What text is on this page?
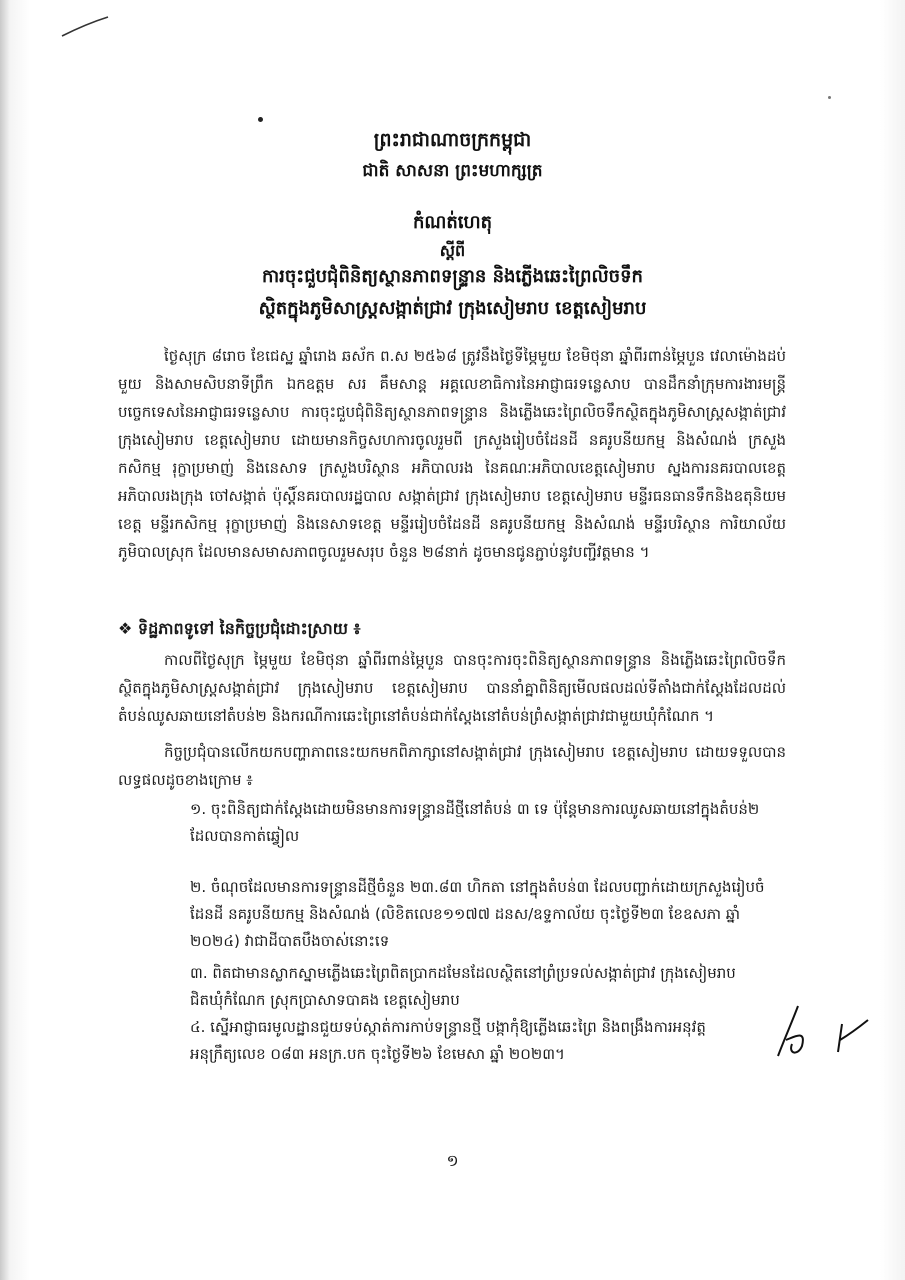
ព្រះរាជាណាចក្រកម្ពុជា
ជាតិ សាសនា ព្រះមហាក្សត្រ
កំណត់ហេតុ
ស្ដីពី
ការចុះជួបជុំពិនិត្យស្ថានភាពទន្ទ្រាន និងភ្លើងឆេះព្រៃលិចទឹក
ស្ថិតក្នុងភូមិសាស្ត្រសង្កាត់ជ្រាវ ក្រុងសៀមរាប ខេត្តសៀមរាប
ថ្ងៃសុក្រ ៨រោច ខែជេស្ឋ ឆ្នាំរោង ឆស័ក ព.ស ២៥៦៨ ត្រូវនឹងថ្ងៃទីម្ភៃមួយ ខែមិថុនា ឆ្នាំពីរពាន់ម្ភៃបួន វេលាម៉ោងដប់មួយ និងសាមសិបនាទីព្រឹក ឯកឧត្តម សរ គឹមសាន្ត អគ្គលេខាធិការនៃអាជ្ញាធរទន្លេសាប បានដឹកនាំក្រុមការងារមន្ត្រីបច្ចេកទេសនៃអាជ្ញាធរទន្លេសាប ការចុះជួបជុំពិនិត្យស្ថានភាពទន្ទ្រាន និងភ្លើងឆេះព្រៃលិចទឹកស្ថិតក្នុងភូមិសាស្ត្រសង្កាត់ជ្រាវ ក្រុងសៀមរាប ខេត្តសៀមរាប ដោយមានកិច្ចសហការចូលរួមពី ក្រសួងរៀបចំដែនដី នគរូបនីយកម្ម និងសំណង់ ក្រសួងកសិកម្ម រុក្ខាប្រមាញ់ និងនេសាទ ក្រសួងបរិស្ថាន អភិបាលរង នៃគណៈអភិបាលខេត្តសៀមរាប ស្នងការនគរបាលខេត្ត អភិបាលរងក្រុង ចៅសង្កាត់ ប៉ុស្តិ៍នគរបាលរដ្ឋបាល សង្កាត់ជ្រាវ ក្រុងសៀមរាប ខេត្តសៀមរាប មន្ទីរធនធានទឹកនិងឧតុនិយមខេត្ត មន្ទីរកសិកម្ម រុក្ខាប្រមាញ់ និងនេសាទខេត្ត មន្ទីររៀបចំដែនដី នគរូបនីយកម្ម និងសំណង់ មន្ទីរបរិស្ថាន ការិយាល័យភូមិបាលស្រុក ដែលមានសមាសភាពចូលរួមសរុប ចំនួន ២៨នាក់ ដូចមានជូនភ្ជាប់នូវបញ្ជីវត្តមាន ។
❖ ទិដ្ឋភាពទូទៅ នៃកិច្ចប្រជុំដោះស្រាយ ៖
កាលពីថ្ងៃសុក្រ ម្ភៃមួយ ខែមិថុនា ឆ្នាំពីរពាន់ម្ភៃបួន បានចុះការចុះពិនិត្យស្ថានភាពទន្ទ្រាន និងភ្លើងឆេះព្រៃលិចទឹកស្ថិតក្នុងភូមិសាស្ត្រសង្កាត់ជ្រាវ ក្រុងសៀមរាប ខេត្តសៀមរាប បាននាំគ្នាពិនិត្យមើលផលដល់ទីតាំងជាក់ស្ដែងដែលដល់តំបន់ឈូសឆាយនៅតំបន់២ និងករណីការឆេះព្រៃនៅតំបន់ជាក់ស្ដែងនៅតំបន់ព្រំសង្កាត់ជ្រាវជាមួយឃុំកំណែក ។
កិច្ចប្រជុំបានលើកយកបញ្ហាភាពនេះយកមកពិភាក្សានៅសង្កាត់ជ្រាវ ក្រុងសៀមរាប ខេត្តសៀមរាប ដោយទទួលបានលទ្ធផលដូចខាងក្រោម ៖
១. ចុះពិនិត្យជាក់ស្ដែងដោយមិនមានការទន្ទ្រានដីថ្មីនៅតំបន់ ៣ ទេ ប៉ុន្តែមានការឈូសឆាយនៅក្នុងតំបន់២ ដែលបានកាត់ឆ្វៀល
២. ចំណុចដែលមានការទន្ទ្រានដីថ្មីចំនួន ២៣.៨៣ ហិកតា នៅក្នុងតំបន់៣ ដែលបញ្ជាក់ដោយក្រសួងរៀបចំដែនដី នគរូបនីយកម្ម និងសំណង់ (លិខិតលេខ១១៧៧ ដនស/ឧទ្ទកាល័យ ចុះថ្ងៃទី២៣ ខែឧសភា ឆ្នាំ ២០២៤) វាជាដីបាតបឹងចាស់នោះទេ
៣. ពិតជាមានស្លាកស្នាមភ្លើងឆេះព្រៃពិតប្រាកដមែនដែលស្ថិតនៅព្រំប្រទល់សង្កាត់ជ្រាវ ក្រុងសៀមរាប ជិតឃុំកំណែក ស្រុកប្រាសាទបាគង ខេត្តសៀមរាប
៤. ស្នើអាជ្ញាធរមូលដ្ឋានជួយទប់ស្កាត់ការកាប់ទន្ទ្រានថ្មី បង្កាកុំឱ្យភ្លើងឆេះព្រៃ និងពង្រឹងការអនុវត្តអនុក្រឹត្យលេខ ០៨៣ អនក្រ.បក ចុះថ្ងៃទី២៦ ខែមេសា ឆ្នាំ ២០២៣។
១
